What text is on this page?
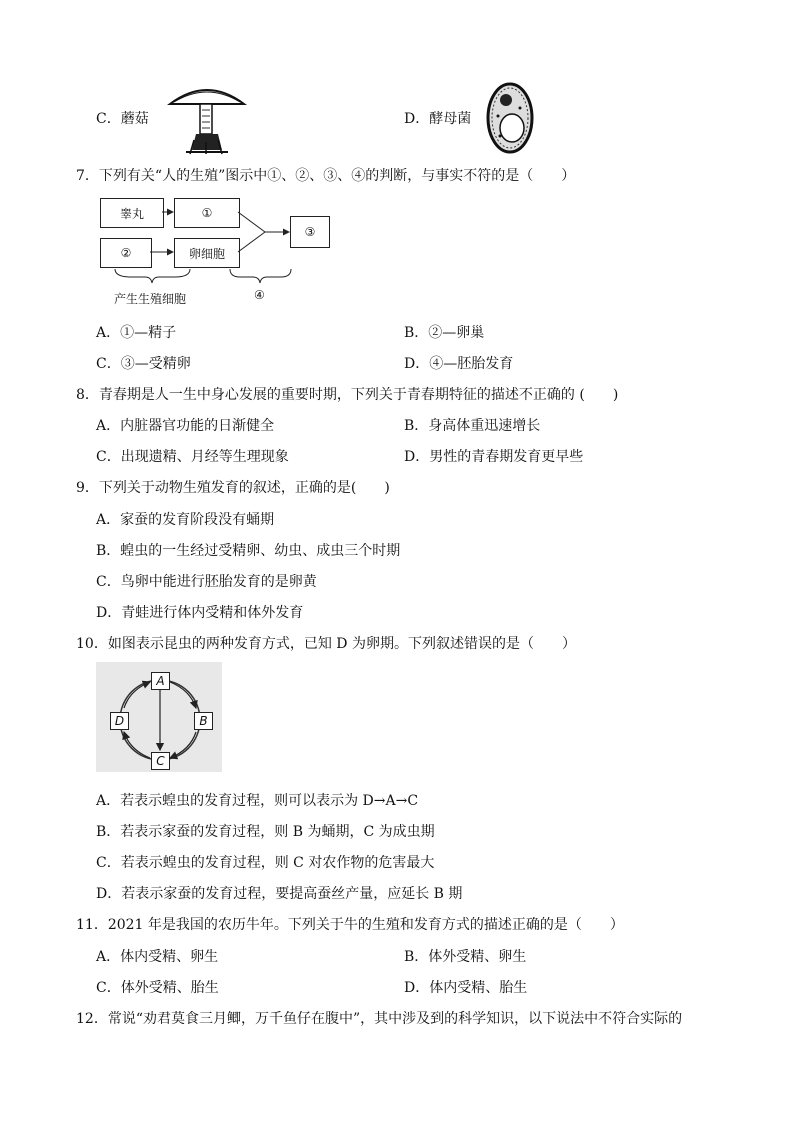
C．蘑菇	D．酵母菌
7．下列有关“人的生殖”图示中①、②、③、④的判断，与事实不符的是（　　）
睾丸	①
②	卵细胞
③
产生生殖细胞	④
A．①—精子	B．②—卵巢
C．③—受精卵	D．④—胚胎发育
8．青春期是人一生中身心发展的重要时期，下列关于青春期特征的描述不正确的 (　　)
A．内脏器官功能的日渐健全	B．身高体重迅速增长
C．出现遗精、月经等生理现象	D．男性的青春期发育更早些
9．下列关于动物生殖发育的叙述，正确的是(　　)
A．家蚕的发育阶段没有蛹期
B．蝗虫的一生经过受精卵、幼虫、成虫三个时期
C．鸟卵中能进行胚胎发育的是卵黄
D．青蛙进行体内受精和体外发育
10．如图表示昆虫的两种发育方式，已知 D 为卵期。下列叙述错误的是（　　）
A
B
C
D
A．若表示蝗虫的发育过程，则可以表示为 D→A→C
B．若表示家蚕的发育过程，则 B 为蛹期，C 为成虫期
C．若表示蝗虫的发育过程，则 C 对农作物的危害最大
D．若表示家蚕的发育过程，要提高蚕丝产量，应延长 B 期
11．2021 年是我国的农历牛年。下列关于牛的生殖和发育方式的描述正确的是（　　）
A．体内受精、卵生	B．体外受精、卵生
C．体外受精、胎生	D．体内受精、胎生
12．常说“劝君莫食三月鲫，万千鱼仔在腹中”，其中涉及到的科学知识，以下说法中不符合实际的
